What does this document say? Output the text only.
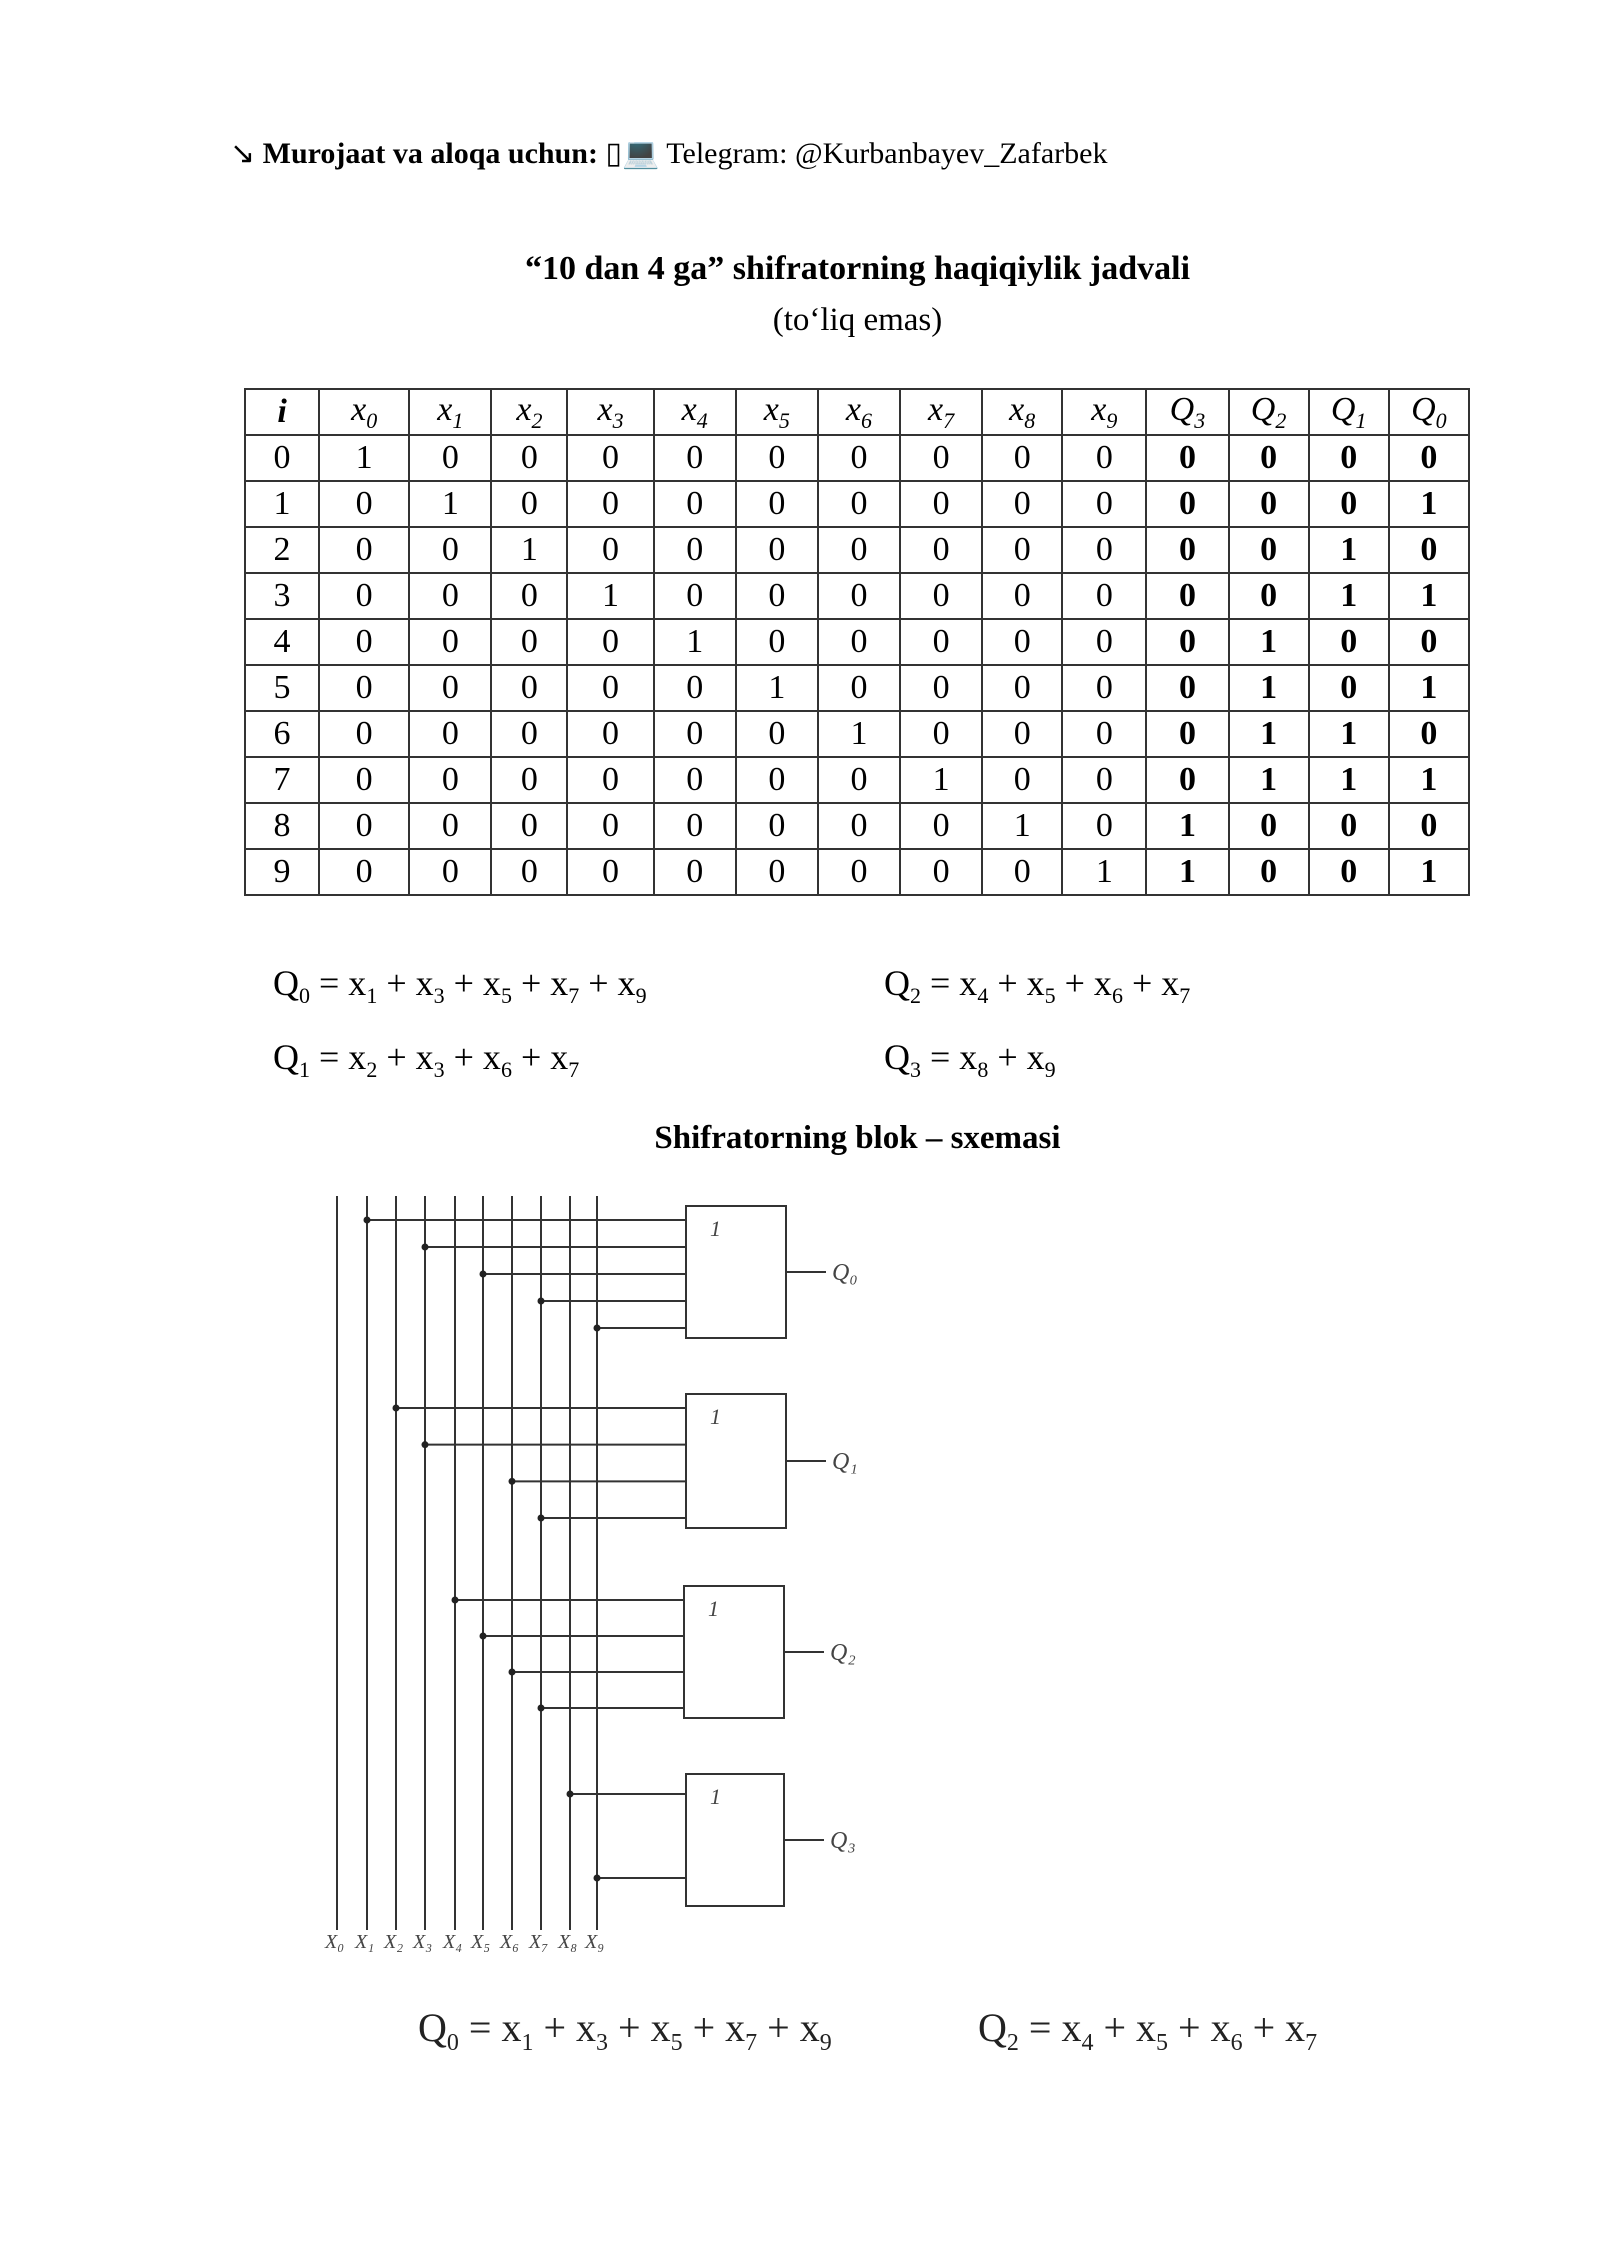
↘ Murojaat va aloqa uchun: ▯💻 Telegram: @Kurbanbayev_Zafarbek
“10 dan 4 ga” shifratorning haqiqiylik jadvali
(to‘liq emas)
i	$x_0$	$x_1$	$x_2$	$x_3$	$x_4$	$x_5$	$x_6$	$x_7$	$x_8$	$x_9$	$Q_3$	$Q_2$	$Q_1$	$Q_0$
0	1	0	0	0	0	0	0	0	0	0	0	0	0	0
1	0	1	0	0	0	0	0	0	0	0	0	0	0	1
2	0	0	1	0	0	0	0	0	0	0	0	0	1	0
3	0	0	0	1	0	0	0	0	0	0	0	0	1	1
4	0	0	0	0	1	0	0	0	0	0	0	1	0	0
5	0	0	0	0	0	1	0	0	0	0	0	1	0	1
6	0	0	0	0	0	0	1	0	0	0	0	1	1	0
7	0	0	0	0	0	0	0	1	0	0	0	1	1	1
8	0	0	0	0	0	0	0	0	1	0	1	0	0	0
9	0	0	0	0	0	0	0	0	0	1	1	0	0	1
$Q_0 = x_1 + x_3 + x_5 + x_7 + x_9$	$Q_2 = x_4 + x_5 + x_6 + x_7$
$Q_1 = x_2 + x_3 + x_6 + x_7$	$Q_3 = x_8 + x_9$
Shifratorning blok – sxemasi
1
1
1
1
X₀ X₁ X₂ X₃ X₄ X₅ X₆ X₇ X₈ X₉
Q₀
Q₁
Q₂
Q₃
$Q_0 = x_1 + x_3 + x_5 + x_7 + x_9$	$Q_2 = x_4 + x_5 + x_6 + x_7$
